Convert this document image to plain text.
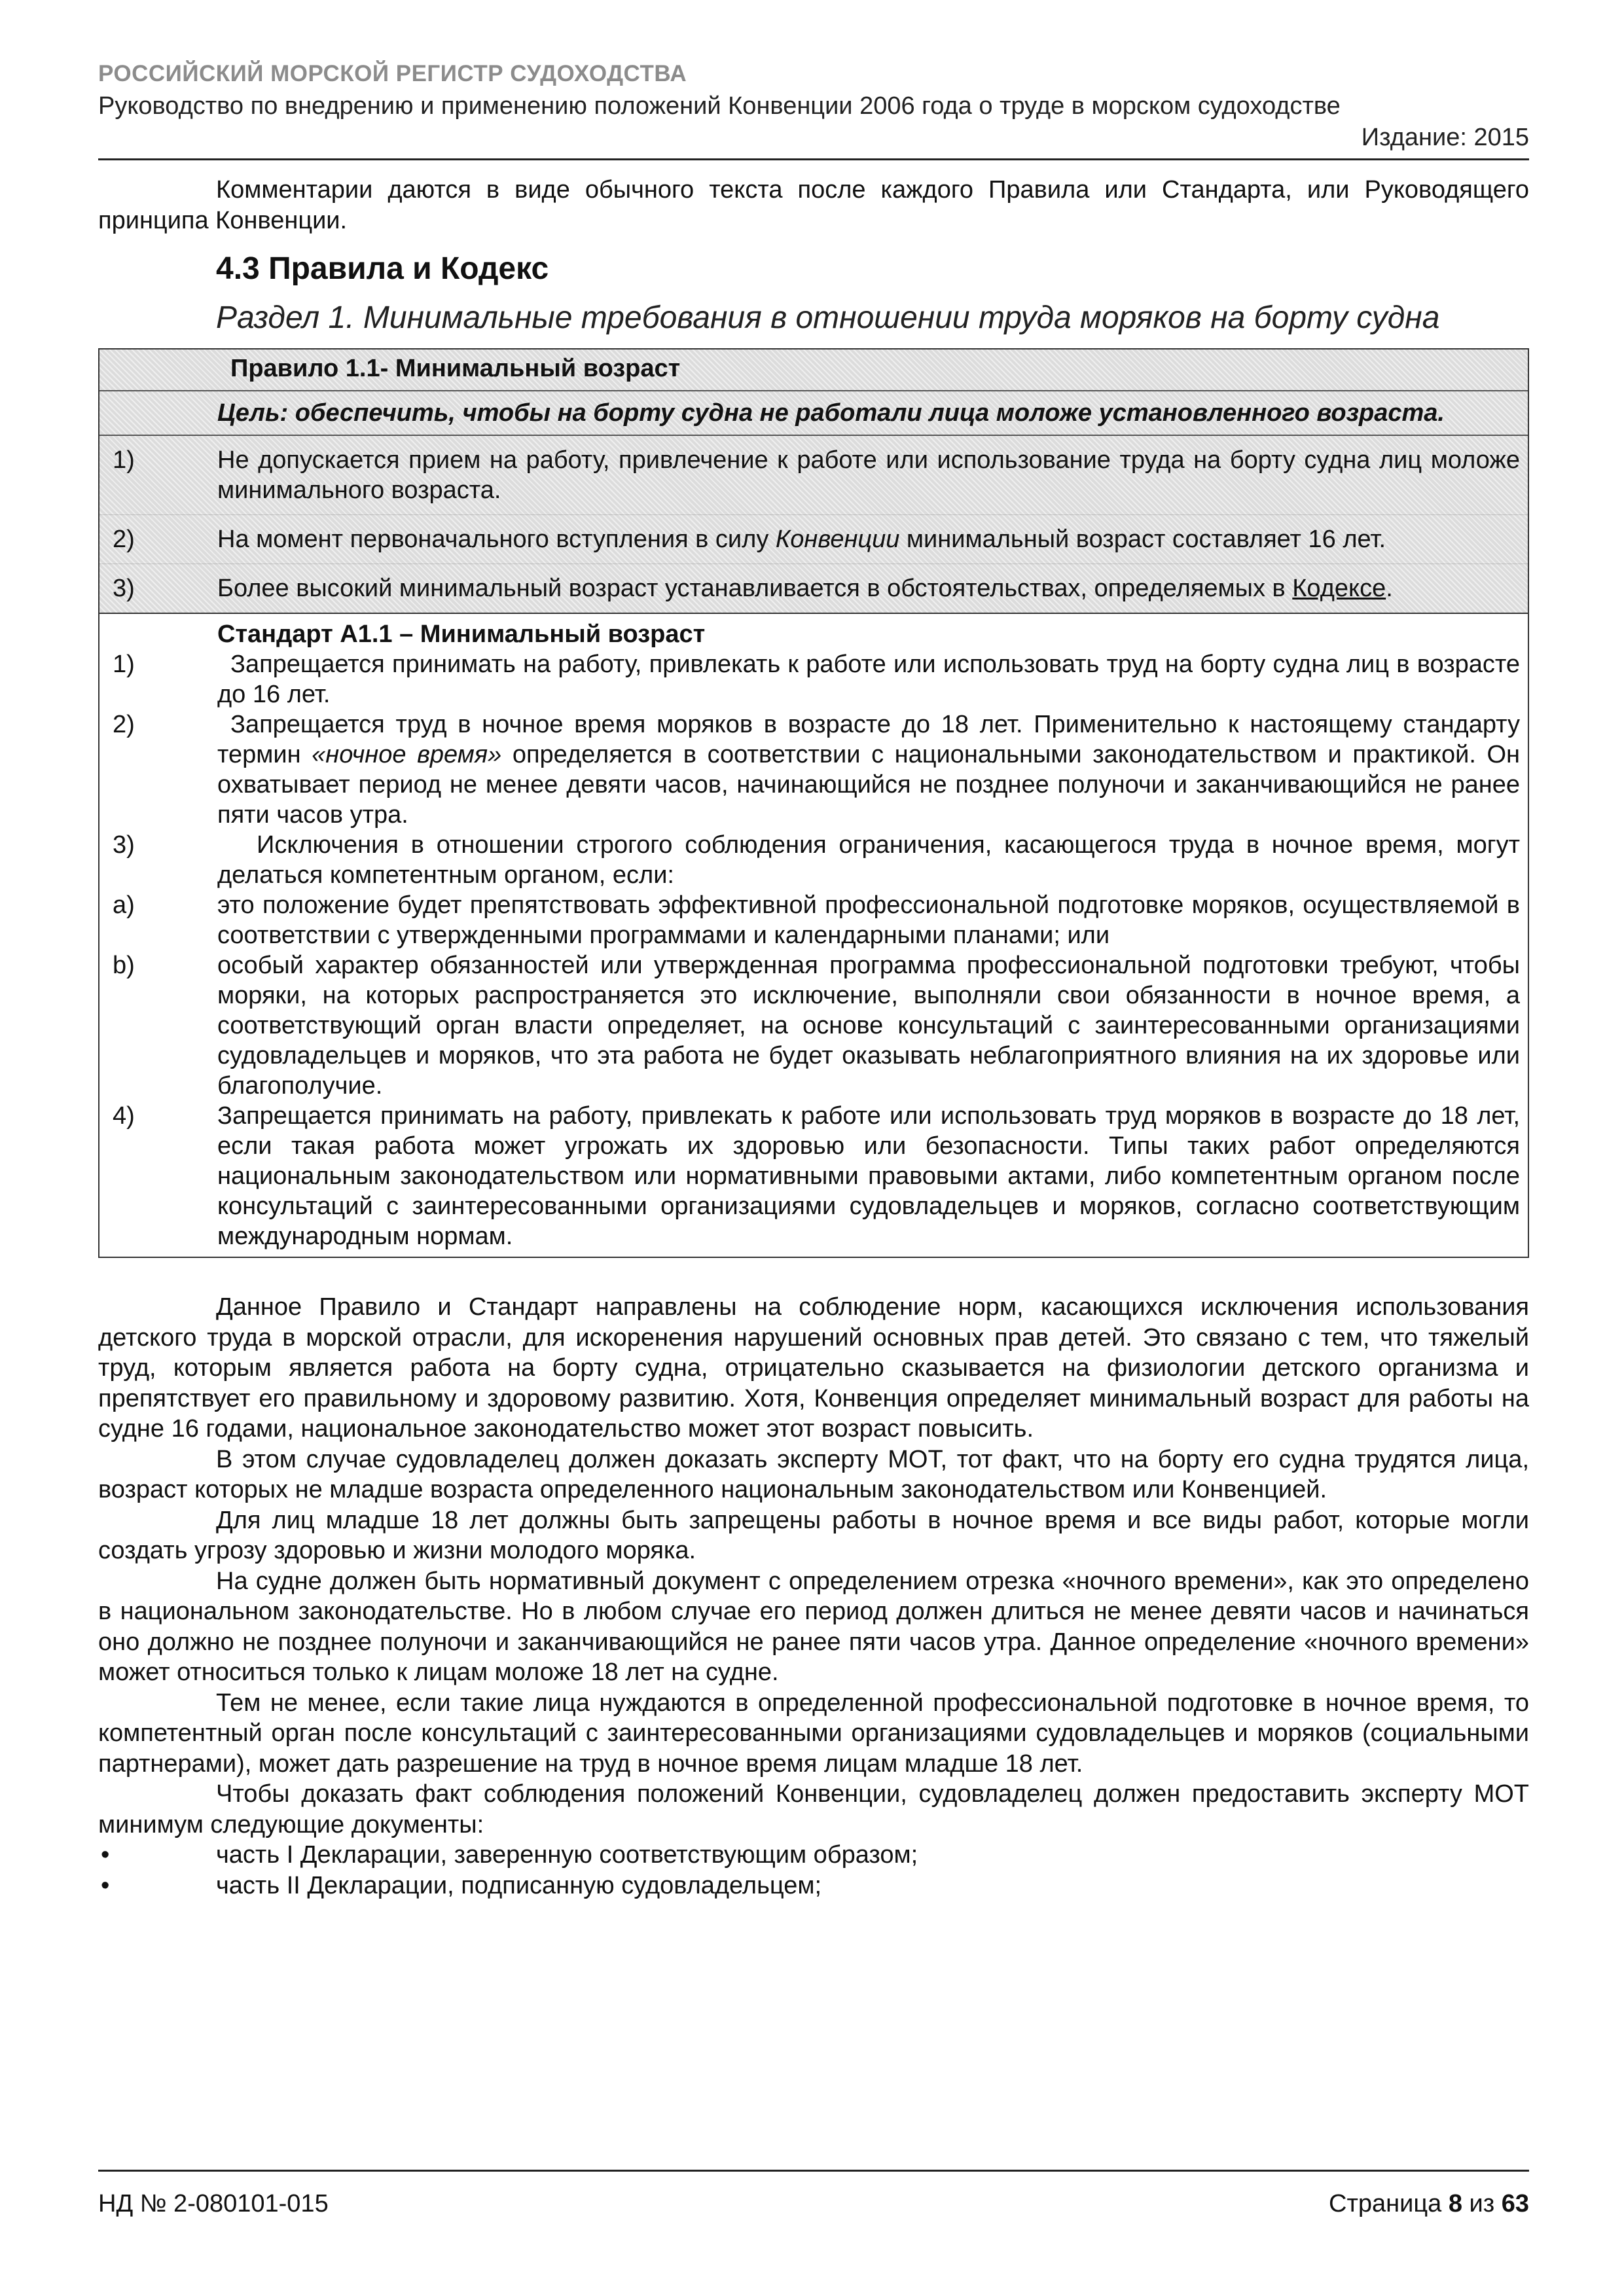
РОССИЙСКИЙ МОРСКОЙ РЕГИСТР СУДОХОДСТВА
Руководство по внедрению и применению положений Конвенции 2006 года о труде в морском судоходстве
Издание: 2015

Комментарии даются в виде обычного текста после каждого Правила или Стандарта, или Руководящего принципа Конвенции.

4.3 Правила и Кодекс
Раздел 1. Минимальные требования в отношении труда моряков на борту судна
Правило 1.1- Минимальный возраст
Цель: обеспечить, чтобы на борту судна не работали лица моложе установленного возраста.
1)	Не допускается прием на работу, привлечение к работе или использование труда на борту судна лиц моложе минимального возраста.
2)	На момент первоначального вступления в силу Конвенции минимальный возраст составляет 16 лет.
3)	Более высокий минимальный возраст устанавливается в обстоятельствах, определяемых в Кодексе.
Стандарт А1.1 – Минимальный возраст
1)	Запрещается принимать на работу, привлекать к работе или использовать труд на борту судна лиц в возрасте до 16 лет.
2)	Запрещается труд в ночное время моряков в возрасте до 18 лет. Применительно к настоящему стандарту термин «ночное время» определяется в соответствии с национальными законодательством и практикой. Он охватывает период не менее девяти часов, начинающийся не позднее полуночи и заканчивающийся не ранее пяти часов утра.
3)	Исключения в отношении строгого соблюдения ограничения, касающегося труда в ночное время, могут делаться компетентным органом, если:
a)	это положение будет препятствовать эффективной профессиональной подготовке моряков, осуществляемой в соответствии с утвержденными программами и календарными планами; или
b)	особый характер обязанностей или утвержденная программа профессиональной подготовки требуют, чтобы моряки, на которых распространяется это исключение, выполняли свои обязанности в ночное время, а соответствующий орган власти определяет, на основе консультаций с заинтересованными организациями судовладельцев и моряков, что эта работа не будет оказывать неблагоприятного влияния на их здоровье или благополучие.
4)	Запрещается принимать на работу, привлекать к работе или использовать труд моряков в возрасте до 18 лет, если такая работа может угрожать их здоровью или безопасности. Типы таких работ определяются национальным законодательством или нормативными правовыми актами, либо компетентным органом после консультаций с заинтересованными организациями судовладельцев и моряков, согласно соответствующим международным нормам.

Данное Правило и Стандарт направлены на соблюдение норм, касающихся исключения использования детского труда в морской отрасли, для искоренения нарушений основных прав детей. Это связано с тем, что тяжелый труд, которым является работа на борту судна, отрицательно сказывается на физиологии детского организма и препятствует его правильному и здоровому развитию. Хотя, Конвенция определяет минимальный возраст для работы на судне 16 годами, национальное законодательство может этот возраст повысить.

В этом случае судовладелец должен доказать эксперту МОТ, тот факт, что на борту его судна трудятся лица, возраст которых не младше возраста определенного национальным законодательством или Конвенцией.

Для лиц младше 18 лет должны быть запрещены работы в ночное время и все виды работ, которые могли создать угрозу здоровью и жизни молодого моряка.

На судне должен быть нормативный документ с определением отрезка «ночного времени», как это определено в национальном законодательстве. Но в любом случае его период должен длиться не менее девяти часов и начинаться оно должно не позднее полуночи и заканчивающийся не ранее пяти часов утра. Данное определение «ночного времени» может относиться только к лицам моложе 18 лет на судне.

Тем не менее, если такие лица нуждаются в определенной профессиональной подготовке в ночное время, то компетентный орган после консультаций с заинтересованными организациями судовладельцев и моряков (социальными партнерами), может дать разрешение на труд в ночное время лицам младше 18 лет.

Чтобы доказать факт соблюдения положений Конвенции, судовладелец должен предоставить эксперту МОТ минимум следующие документы:

•	часть I Декларации, заверенную соответствующим образом;
•	часть II Декларации, подписанную судовладельцем;
НД № 2-080101-015	Страница 8 из 63
